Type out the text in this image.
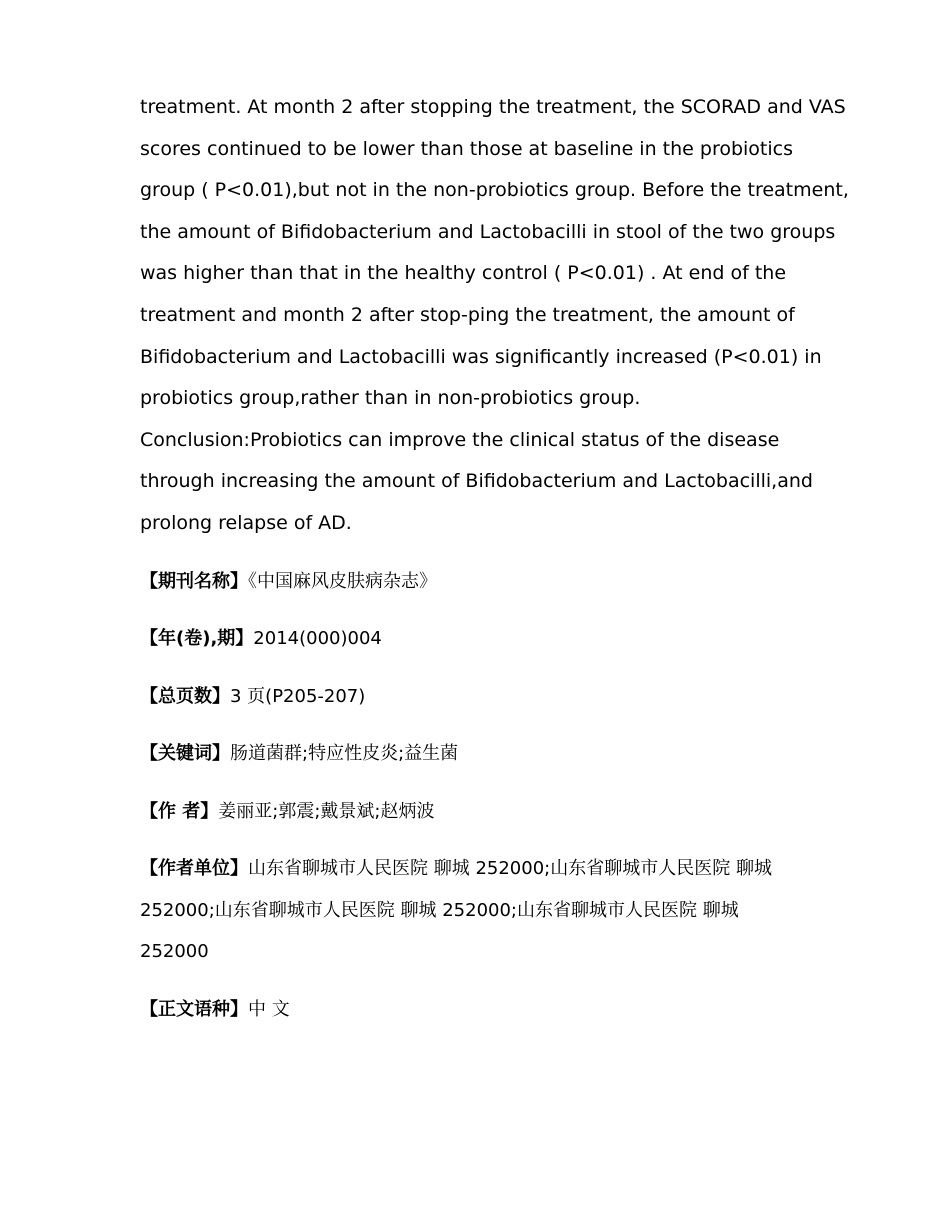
treatment. At month 2 after stopping the treatment, the SCORAD and VAS
scores continued to be lower than those at baseline in the probiotics
group ( P<0.01),but not in the non-probiotics group. Before the treatment,
the amount of Bifidobacterium and Lactobacilli in stool of the two groups
was higher than that in the healthy control ( P<0.01) . At end of the
treatment and month 2 after stop-ping the treatment, the amount of
Bifidobacterium and Lactobacilli was significantly increased (P<0.01) in
probiotics group,rather than in non-probiotics group.
Conclusion:Probiotics can improve the clinical status of the disease
through increasing the amount of Bifidobacterium and Lactobacilli,and
prolong relapse of AD.
【期刊名称】《中国麻风皮肤病杂志》
【年(卷),期】2014(000)004
【总页数】3 页(P205-207)
【关键词】肠道菌群;特应性皮炎;益生菌
【作 者】姜丽亚;郭震;戴景斌;赵炳波
【作者单位】山东省聊城市人民医院 聊城 252000;山东省聊城市人民医院 聊城
252000;山东省聊城市人民医院 聊城 252000;山东省聊城市人民医院 聊城
252000
【正文语种】中 文
